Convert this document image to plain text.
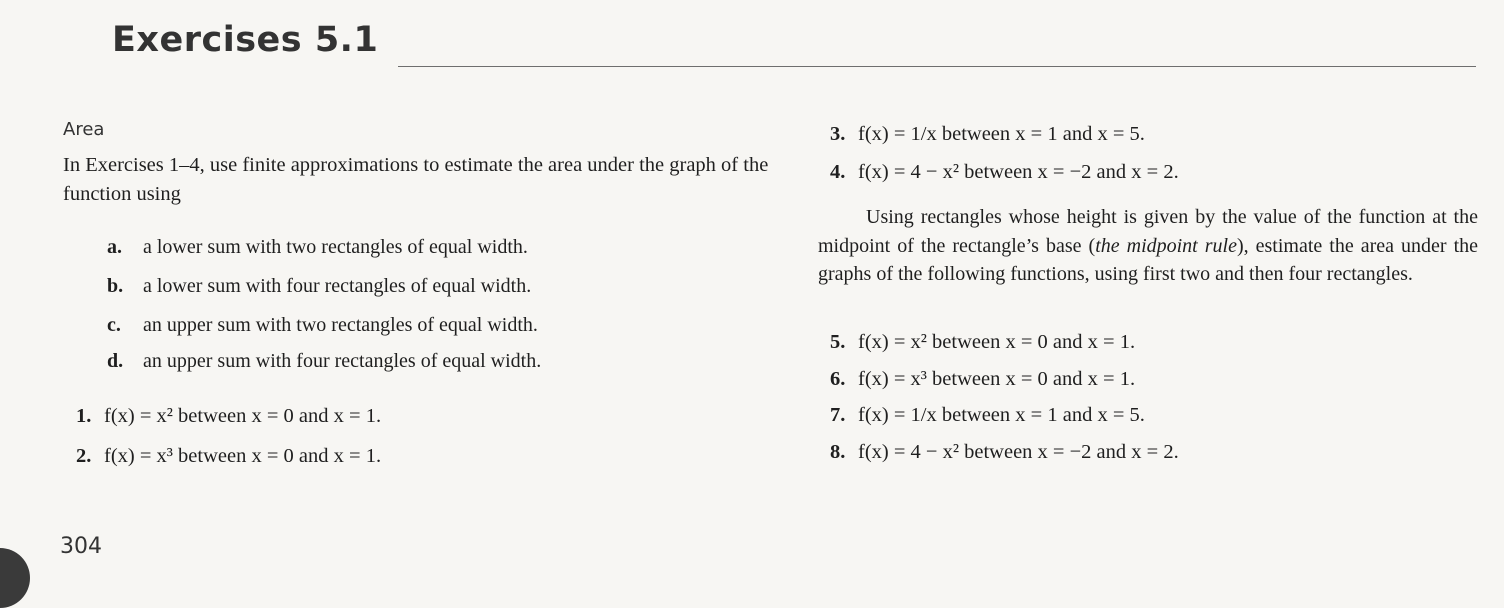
Exercises 5.1
Area
In Exercises 1–4, use finite approximations to estimate the area under the graph of the function using
a. a lower sum with two rectangles of equal width.
b. a lower sum with four rectangles of equal width.
c. an upper sum with two rectangles of equal width.
d. an upper sum with four rectangles of equal width.
1. f(x) = x² between x = 0 and x = 1.
2. f(x) = x³ between x = 0 and x = 1.
3. f(x) = 1/x between x = 1 and x = 5.
4. f(x) = 4 − x² between x = −2 and x = 2.
Using rectangles whose height is given by the value of the function at the midpoint of the rectangle’s base (the midpoint rule), estimate the area under the graphs of the following functions, using first two and then four rectangles.
5. f(x) = x² between x = 0 and x = 1.
6. f(x) = x³ between x = 0 and x = 1.
7. f(x) = 1/x between x = 1 and x = 5.
8. f(x) = 4 − x² between x = −2 and x = 2.
304
